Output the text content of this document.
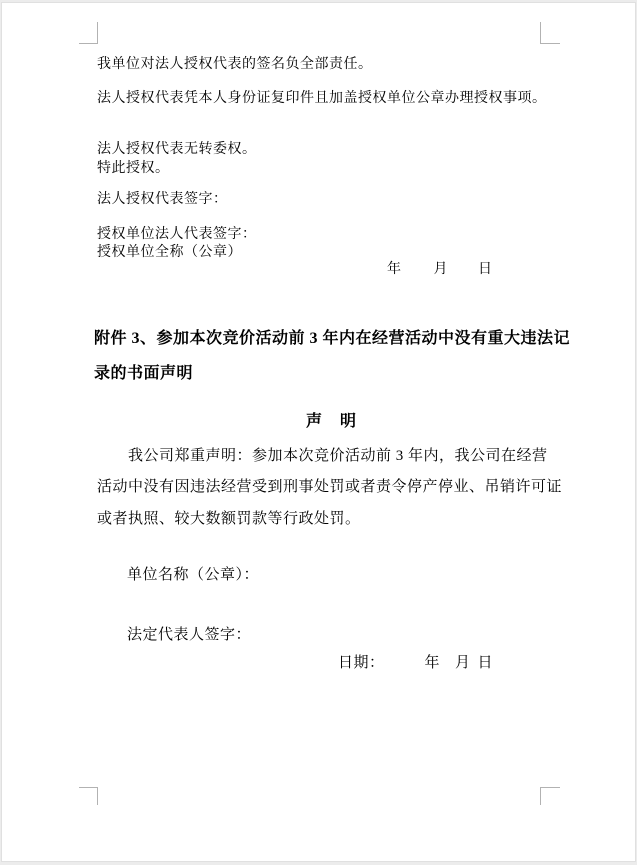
我单位对法人授权代表的签名负全部责任。
法人授权代表凭本人身份证复印件且加盖授权单位公章办理授权事项。
法人授权代表无转委权。
特此授权。
法人授权代表签字：
授权单位法人代表签字：
授权单位全称（公章）
年 月 日
附件 3、参加本次竞价活动前 3 年内在经营活动中没有重大违法记
录的书面声明
声　明
我公司郑重声明：参加本次竞价活动前 3 年内，我公司在经营
活动中没有因违法经营受到刑事处罚或者责令停产停业、吊销许可证
或者执照、较大数额罚款等行政处罚。
单位名称（公章）：
法定代表人签字：
日期：	年 月 日
